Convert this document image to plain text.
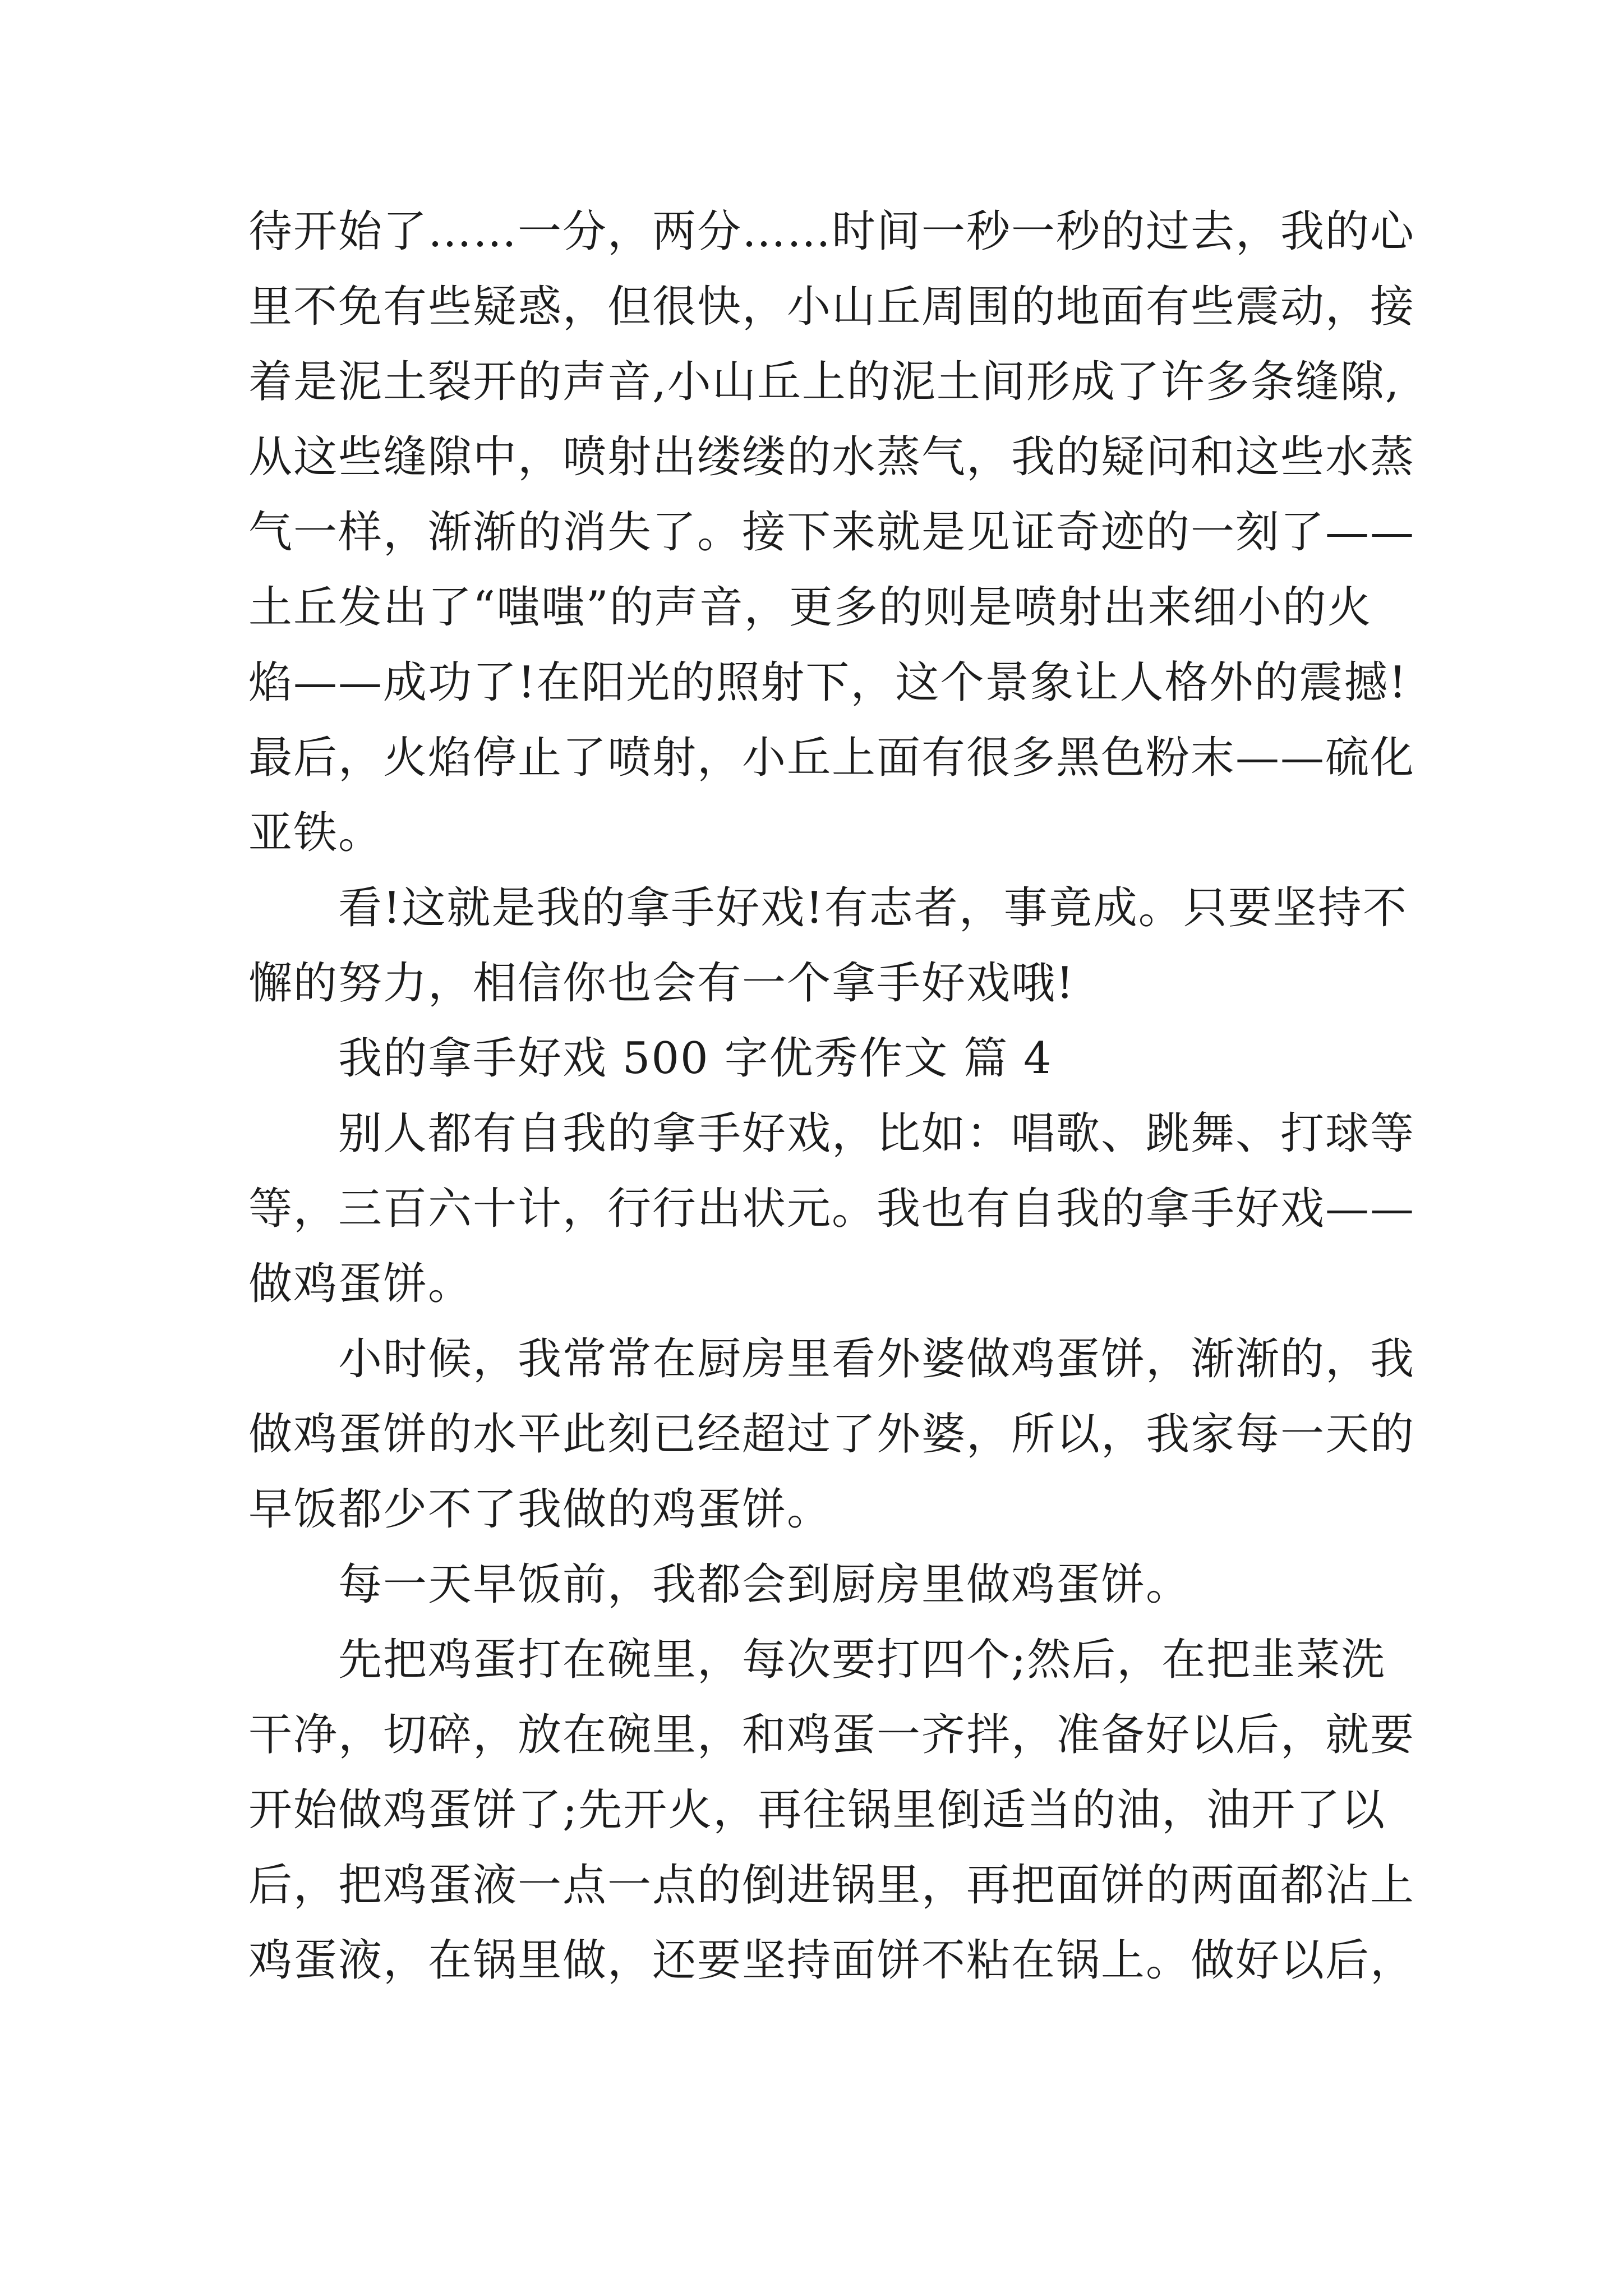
待开始了……一分，两分……时间一秒一秒的过去，我的心
里不免有些疑惑，但很快，小山丘周围的地面有些震动，接
着是泥土裂开的声音,小山丘上的泥土间形成了许多条缝隙,
从这些缝隙中，喷射出缕缕的水蒸气，我的疑问和这些水蒸
气一样，渐渐的消失了。接下来就是见证奇迹的一刻了——
土丘发出了“嗤嗤”的声音，更多的则是喷射出来细小的火
焰——成功了!在阳光的照射下，这个景象让人格外的震撼!
最后，火焰停止了喷射，小丘上面有很多黑色粉末——硫化
亚铁。
看!这就是我的拿手好戏!有志者，事竟成。只要坚持不
懈的努力，相信你也会有一个拿手好戏哦!
我的拿手好戏 500 字优秀作文 篇 4
别人都有自我的拿手好戏，比如：唱歌、跳舞、打球等
等，三百六十计，行行出状元。我也有自我的拿手好戏——
做鸡蛋饼。
小时候，我常常在厨房里看外婆做鸡蛋饼，渐渐的，我
做鸡蛋饼的水平此刻已经超过了外婆，所以，我家每一天的
早饭都少不了我做的鸡蛋饼。
每一天早饭前，我都会到厨房里做鸡蛋饼。
先把鸡蛋打在碗里，每次要打四个;然后，在把韭菜洗
干净，切碎，放在碗里，和鸡蛋一齐拌，准备好以后，就要
开始做鸡蛋饼了;先开火，再往锅里倒适当的油，油开了以
后，把鸡蛋液一点一点的倒进锅里，再把面饼的两面都沾上
鸡蛋液，在锅里做，还要坚持面饼不粘在锅上。做好以后，
